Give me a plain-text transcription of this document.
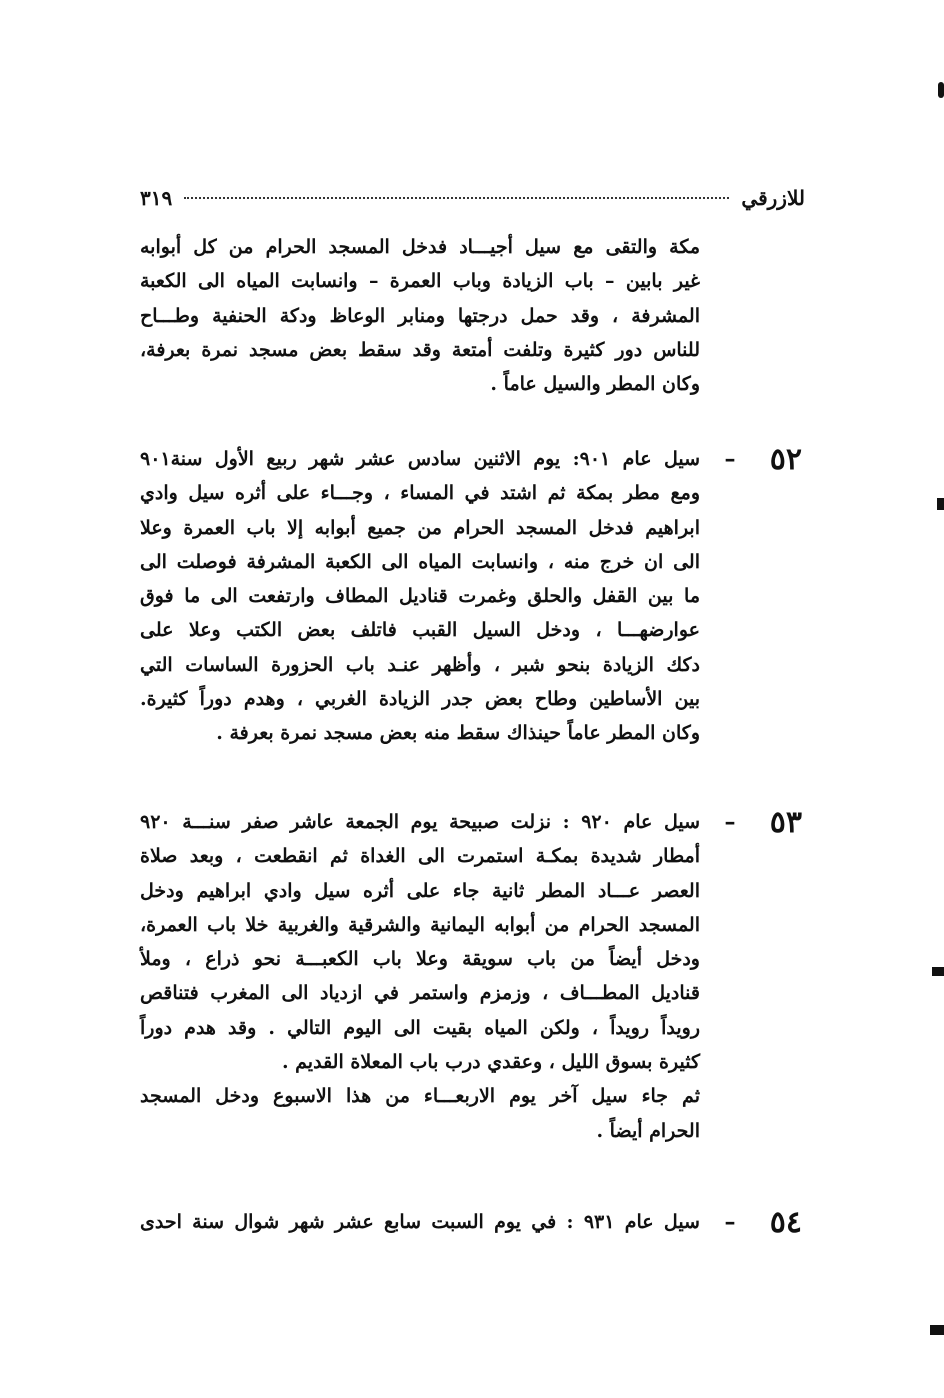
للازرقي
٣١٩
مكة والتقى مع سيل أجيـــاد فدخل المسجد الحرام من كل أبوابه
غير بابين – باب الزيادة وباب العمرة – وانسابت المياه الى الكعبة
المشرفة ، وقد حمل درجتها ومنابر الوعاظ ودكة الحنفية وطـــاح
للناس دور كثيرة وتلفت أمتعة وقد سقط بعض مسجد نمرة بعرفة،
وكان المطر والسيل عاماً .
٥٢
–
سيل عام ٩٠١: يوم الاثنين سادس عشر شهر ربيع الأول سنة٩٠١
ومع مطر بمكة ثم اشتد في المساء ، وجـــاء على أثره سيل وادي
ابراهيم فدخل المسجد الحرام من جميع أبوابه إلا باب العمرة وعلا
الى ان خرج منه ، وانسابت المياه الى الكعبة المشرفة فوصلت الى
ما بين القفل والحلق وغمرت قناديل المطاف وارتفعت الى ما فوق
عوارضهـــا ، ودخل السيل القبب فاتلف بعض الكتب وعلا على
دكك الزيادة بنحو شبر ، وأظهر عنـد باب الحزورة الساسات التي
بين الأساطين وطاح بعض جدر الزيادة الغربي ، وهدم دوراً كثيرة.
وكان المطر عاماً حينذاك سقط منه بعض مسجد نمرة بعرفة .
٥٣
–
سيل عام ٩٢٠ : نزلت صبيحة يوم الجمعة عاشر صفر سنـــة ٩٢٠
أمطار شديدة بمكـة استمرت الى الغداة ثم انقطعت ، وبعد صلاة
العصر عـــاد المطر ثانية جاء على أثره سيل وادي ابراهيم ودخل
المسجد الحرام من أبوابه اليمانية والشرقية والغربية خلا باب العمرة،
ودخل أيضاً من باب سويقة وعلا باب الكعبـــة نحو ذراع ، وملأ
قناديل المطـــاف ، وزمزم واستمر في ازدياد الى المغرب فتناقص
رويداً رويداً ، ولكن المياه بقيت الى اليوم التالي . وقد هدم دوراً
كثيرة بسوق الليل ، وعقدي درب باب المعلاة القديم .
ثم جاء سيل آخر يوم الاربعـــاء من هذا الاسبوع ودخل المسجد
الحرام أيضاً .
٥٤
–
سيل عام ٩٣١ : في يوم السبت سابع عشر شهر شوال سنة احدى
